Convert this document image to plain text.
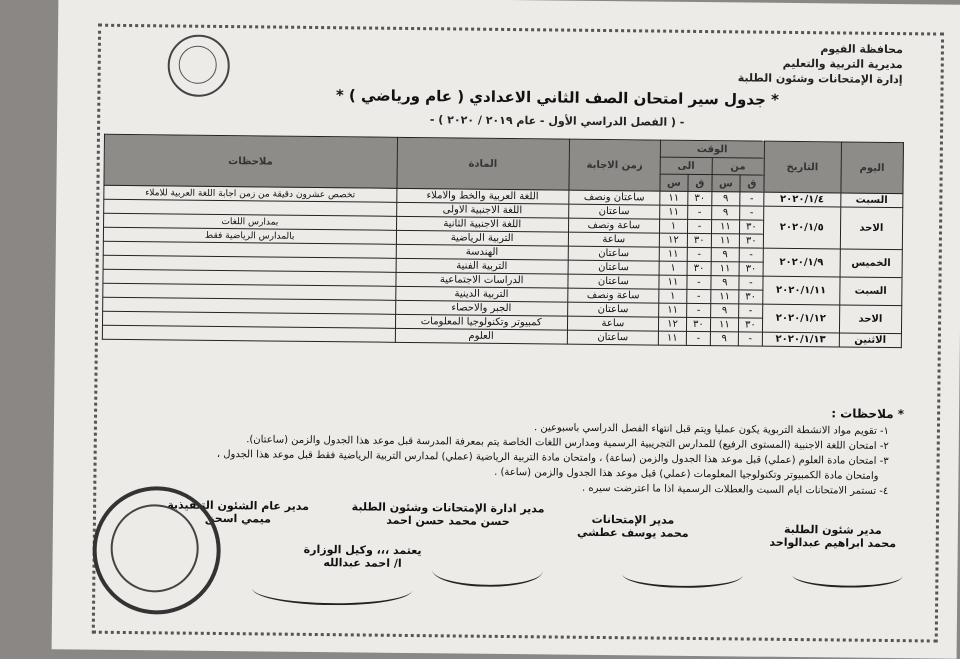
محافظة الفيوم
مديرية التربية والتعليم
إدارة الإمتحانات وشئون الطلبة
* جدول سير امتحان الصف الثاني الاعدادي ( عام ورياضي ) *
- ( الفصل الدراسي الأول - عام ٢٠١٩ / ٢٠٢٠ ) -
اليوم	التاريخ	الوقت				زمن الاجابة	المادة	ملاحظات
		من		الى				
		ق	س	ق	س			
السبت	٢٠٢٠/١/٤	-	٩	٣٠	١١	ساعتان ونصف	اللغة العربية والخط والاملاء	تخصص عشرون دقيقة من زمن اجابة اللغة العربية للاملاء
الاحد	٢٠٢٠/١/٥	-	٩	-	١١	ساعتان	اللغة الاجنبية الاولى	
		٣٠	١١	-	١	ساعة ونصف	اللغة الاجنبية الثانية	بمدارس اللغات
		٣٠	١١	٣٠	١٢	ساعة	التربية الرياضية	بالمدارس الرياضية فقط
الخميس	٢٠٢٠/١/٩	-	٩	-	١١	ساعتان	الهندسة	
		٣٠	١١	٣٠	١	ساعتان	التربية الفنية	
السبت	٢٠٢٠/١/١١	-	٩	-	١١	ساعتان	الدراسات الاجتماعية	
		٣٠	١١	-	١	ساعة ونصف	التربية الدينية	
الاحد	٢٠٢٠/١/١٢	-	٩	-	١١	ساعتان	الجبر والاحصاء	
		٣٠	١١	٣٠	١٢	ساعة	كمبيوتر وتكنولوجيا المعلومات	
الاثنين	٢٠٢٠/١/١٣	-	٩	-	١١	ساعتان	العلوم	
* ملاحظات :
١- تقويم مواد الانشطة التربوية يكون عمليا ويتم قبل انتهاء الفصل الدراسي باسبوعين .
٢- امتحان اللغة الاجنبية (المستوى الرفيع) للمدارس التجريبية الرسمية ومدارس اللغات الخاصة يتم بمعرفة المدرسة قبل موعد هذا الجدول والزمن (ساعتان).
٣- امتحان مادة العلوم (عملي) قبل موعد هذا الجدول والزمن (ساعة) ، وامتحان مادة التربية الرياضية (عملي) لمدارس التربية الرياضية فقط قبل موعد هذا الجدول ،
وامتحان مادة الكمبيوتر وتكنولوجيا المعلومات (عملي) قبل موعد هذا الجدول والزمن (ساعة) .
٤- تستمر الامتحانات ايام السبت والعطلات الرسمية اذا ما اعترضت سيره .
مدير شئون الطلبة
محمد ابراهيم عبدالواحد
مدير الإمتحانات
محمد يوسف عطشي
مدير ادارة الإمتحانات وشئون الطلبة
حسن محمد حسن احمد
مدير عام الشئون التنفيذية
ميمي اسحق
يعتمد ،،، وكيل الوزارة
ا/ احمد عبدالله
